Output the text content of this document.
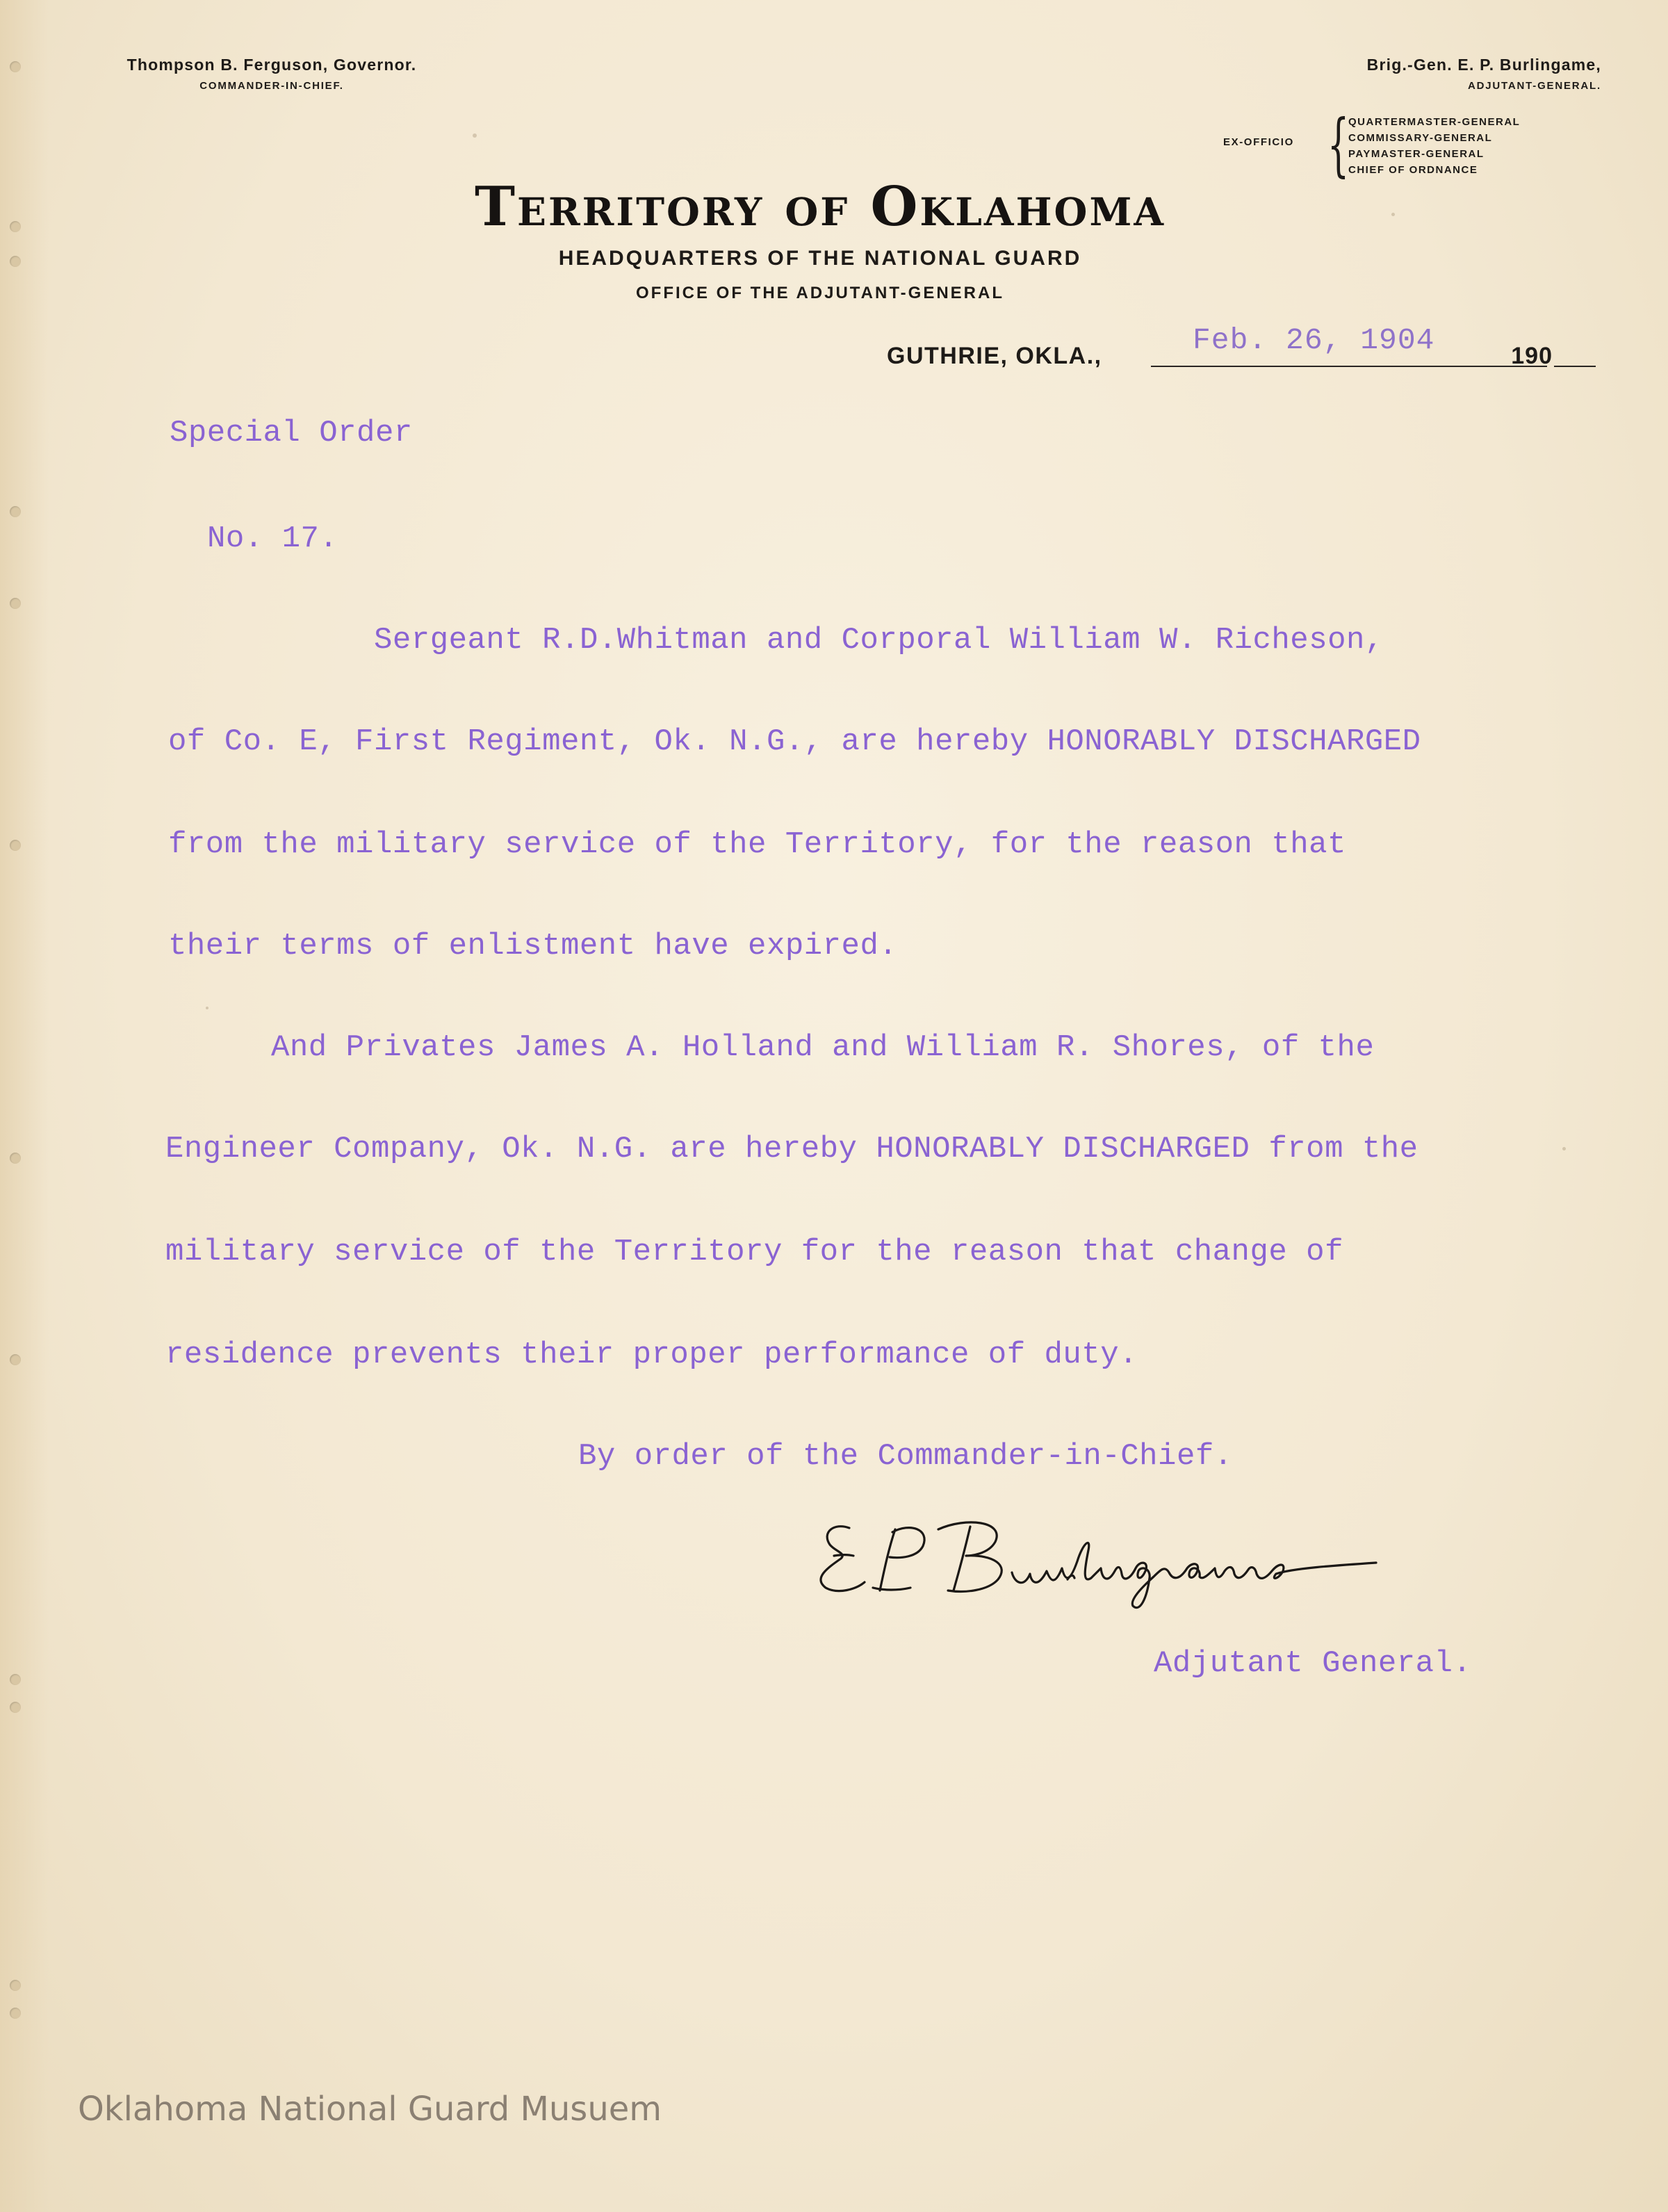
Thompson B. Ferguson, Governor.
COMMANDER-IN-CHIEF.
Brig.-Gen. E. P. Burlingame,
ADJUTANT-GENERAL.
EX-OFFICIO {
QUARTERMASTER-GENERAL
COMMISSARY-GENERAL
PAYMASTER-GENERAL
CHIEF OF ORDNANCE
Territory of Oklahoma
HEADQUARTERS OF THE NATIONAL GUARD
OFFICE OF THE ADJUTANT-GENERAL
GUTHRIE, OKLA.,	Feb. 26, 1904	190
Special Order
No. 17.
Sergeant R.D.Whitman and Corporal William W. Richeson,
of Co. E, First Regiment, Ok. N.G., are hereby HONORABLY DISCHARGED
from the military service of the Territory, for the reason that
their terms of enlistment have expired.
And Privates James A. Holland and William R. Shores, of the
Engineer Company, Ok. N.G. are hereby HONORABLY DISCHARGED from the
military service of the Territory for the reason that change of
residence prevents their proper performance of duty.
By order of the Commander-in-Chief.
Adjutant General.
Oklahoma National Guard Musuem
